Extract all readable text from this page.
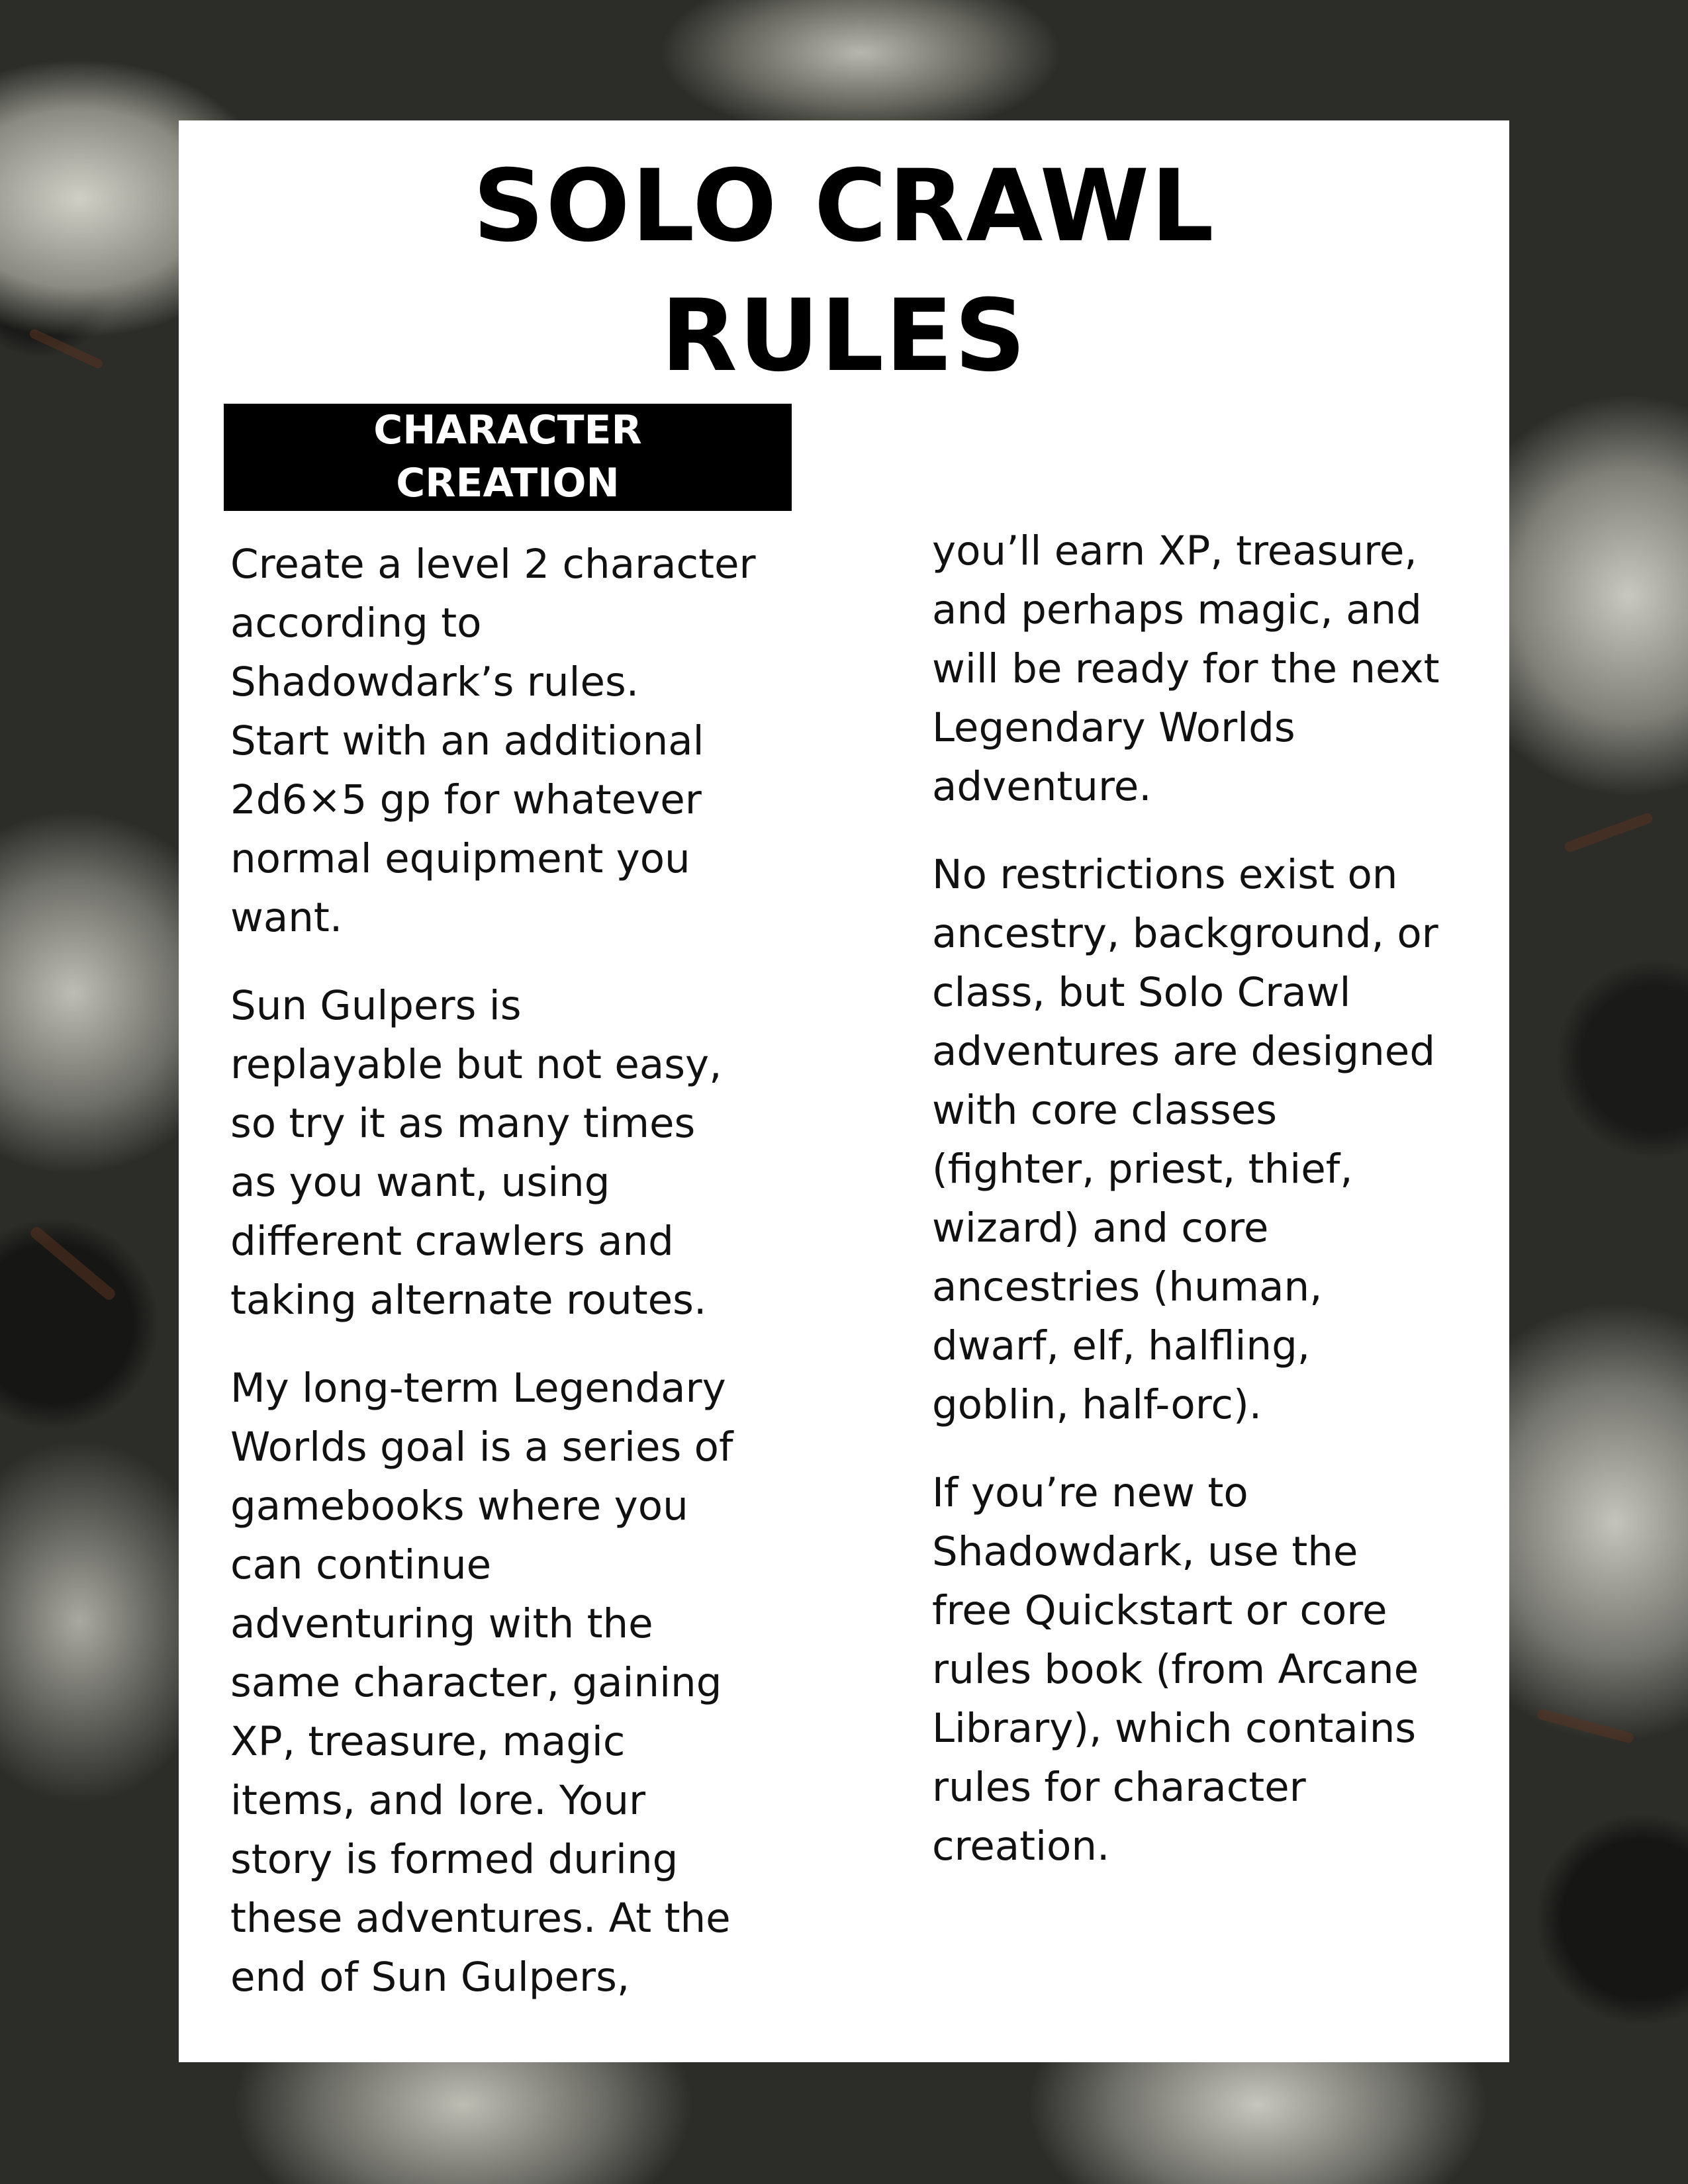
SOLO CRAWL
RULES
CHARACTER
CREATION
Create a level 2 character
according to
Shadowdark’s rules.
Start with an additional
2d6×5 gp for whatever
normal equipment you
want.
Sun Gulpers is
replayable but not easy,
so try it as many times
as you want, using
different crawlers and
taking alternate routes.
My long-term Legendary
Worlds goal is a series of
gamebooks where you
can continue
adventuring with the
same character, gaining
XP, treasure, magic
items, and lore. Your
story is formed during
these adventures. At the
end of Sun Gulpers,
you’ll earn XP, treasure,
and perhaps magic, and
will be ready for the next
Legendary Worlds
adventure.
No restrictions exist on
ancestry, background, or
class, but Solo Crawl
adventures are designed
with core classes
(fighter, priest, thief,
wizard) and core
ancestries (human,
dwarf, elf, halfling,
goblin, half-orc).
If you’re new to
Shadowdark, use the
free Quickstart or core
rules book (from Arcane
Library), which contains
rules for character
creation.
